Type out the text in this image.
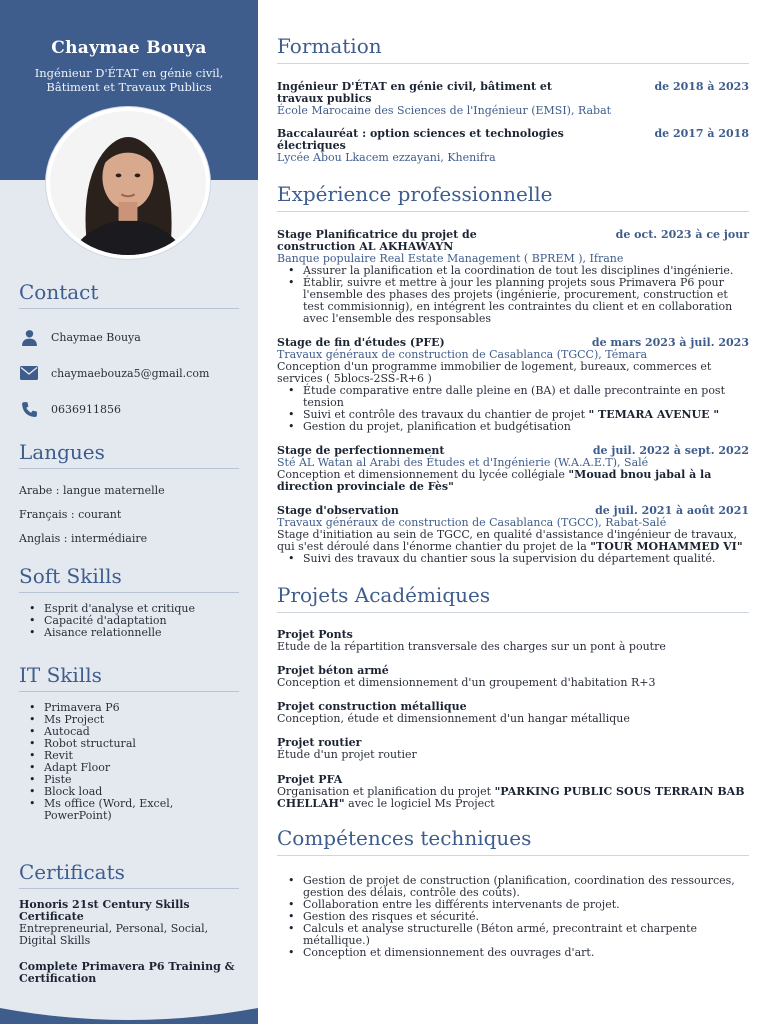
Chaymae Bouya
Ingénieur D'ÉTAT en génie civil, Bâtiment et Travaux Publics
Contact
Chaymae Bouya
chaymaebouza5@gmail.com
0636911856
Langues
Arabe : langue maternelle
Français : courant
Anglais : intermédiaire
Soft Skills
• Esprit d'analyse et critique
• Capacité d'adaptation
• Aisance relationnelle
IT Skills
• Primavera P6
• Ms Project
• Autocad
• Robot structural
• Revit
• Adapt Floor
• Piste
• Block load
• Ms office (Word, Excel, PowerPoint)
Certificats
Honoris 21st Century Skills Certificate
Entrepreneurial, Personal, Social, Digital Skills
Complete Primavera P6 Training & Certification
Formation
Ingénieur D'ÉTAT en génie civil, bâtiment et travaux publics
de 2018 à 2023
École Marocaine des Sciences de l'Ingénieur (EMSI), Rabat
Baccalauréat : option sciences et technologies électriques
de 2017 à 2018
Lycée Abou Lkacem ezzayani, Khenifra
Expérience professionnelle
Stage Planificatrice du projet de construction AL AKHAWAYN
de oct. 2023 à ce jour
Banque populaire Real Estate Management ( BPREM ), Ifrane
• Assurer la planification et la coordination de tout les disciplines d'ingénierie.
• Établir, suivre et mettre à jour les planning projets sous Primavera P6 pour l'ensemble des phases des projets (ingénierie, procurement, construction et test commisionnig), en intégrent les contraintes du client et en collaboration avec l'ensemble des responsables
Stage de fin d'études (PFE)	de mars 2023 à juil. 2023
Travaux généraux de construction de Casablanca (TGCC), Témara
Conception d'un programme immobilier de logement, bureaux, commerces et services ( 5blocs-2SS-R+6 )
• Étude comparative entre dalle pleine en (BA) et dalle precontrainte en post tension
• Suivi et contrôle des travaux du chantier de projet " TEMARA AVENUE "
• Gestion du projet, planification et budgétisation
Stage de perfectionnement	de juil. 2022 à sept. 2022
Sté AL Watan al Arabi des Études et d'Ingénierie (W.A.A.E.T), Salé
Conception et dimensionnement du lycée collégiale "Mouad bnou jabal à la direction provinciale de Fès"
Stage d'observation	de juil. 2021 à août 2021
Travaux généraux de construction de Casablanca (TGCC), Rabat-Salé
Stage d'initiation au sein de TGCC, en qualité d'assistance d'ingénieur de travaux, qui s'est déroulé dans l'énorme chantier du projet de la "TOUR MOHAMMED VI"
• Suivi des travaux du chantier sous la supervision du département qualité.
Projets Académiques
Projet Ponts
Etude de la répartition transversale des charges sur un pont à poutre
Projet béton armé
Conception et dimensionnement d'un groupement d'habitation R+3
Projet construction métallique
Conception, étude et dimensionnement d'un hangar métallique
Projet routier
Étude d'un projet routier
Projet PFA
Organisation et planification du projet "PARKING PUBLIC SOUS TERRAIN BAB CHELLAH" avec le logiciel Ms Project
Compétences techniques
• Gestion de projet de construction (planification, coordination des ressources, gestion des délais, contrôle des coûts).
• Collaboration entre les différents intervenants de projet.
• Gestion des risques et sécurité.
• Calculs et analyse structurelle (Béton armé, precontraint et charpente métallique.)
• Conception et dimensionnement des ouvrages d'art.
